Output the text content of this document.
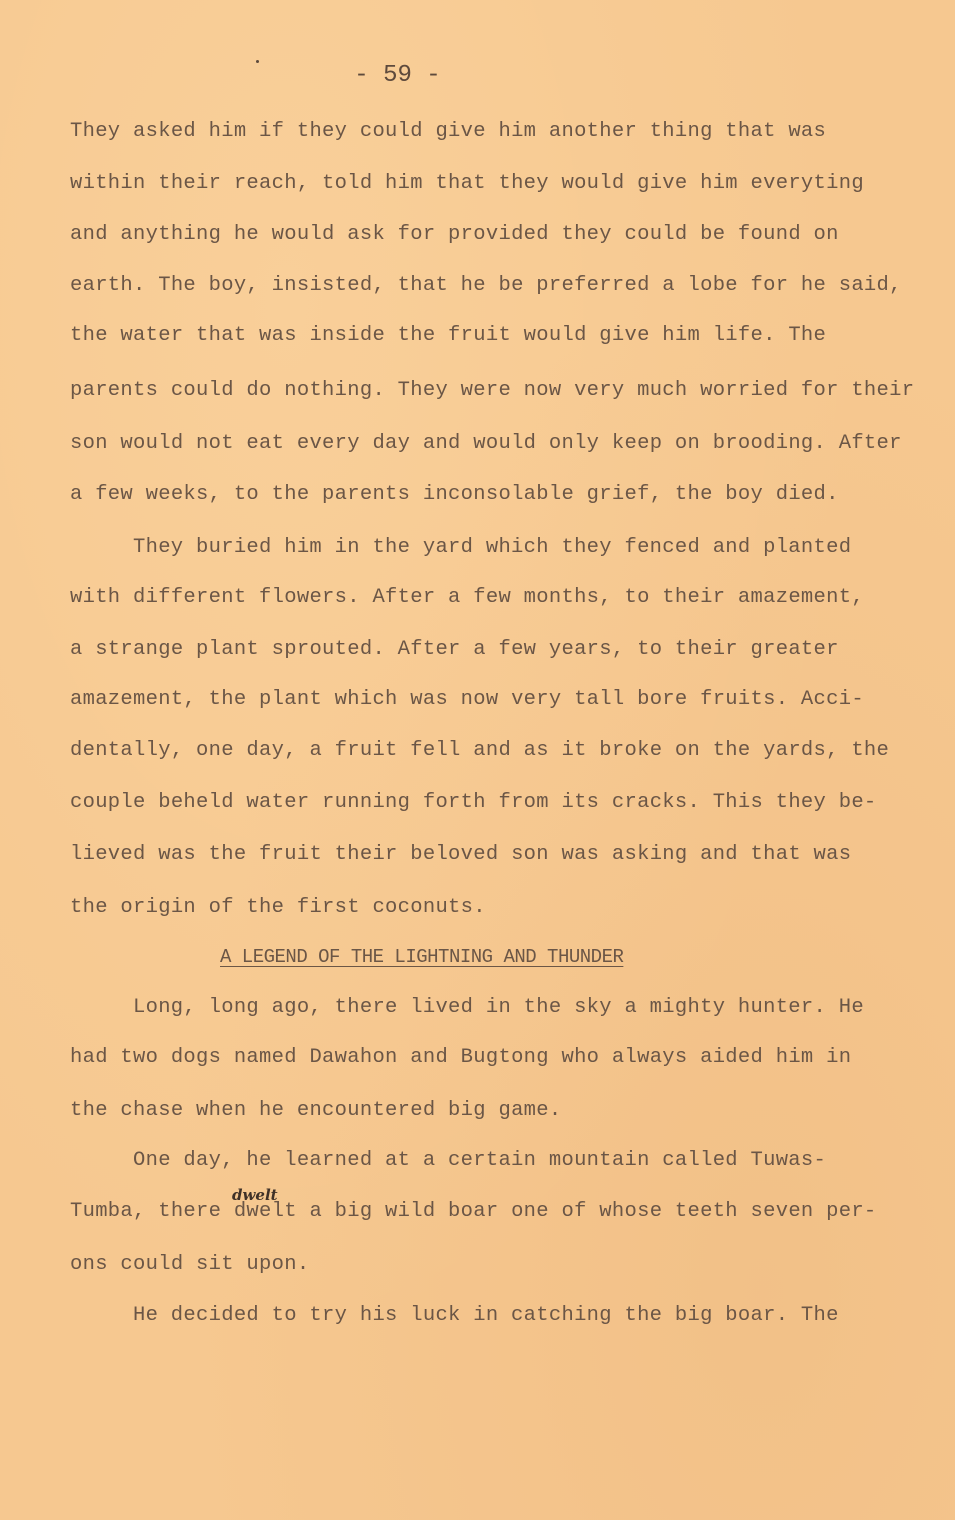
- 59 -
They asked him if they could give him another thing that was
within their reach, told him that they would give him everyting
and anything he would ask for provided they could be found on
earth. The boy, insisted, that he be preferred a lobe for he said,
the water that was inside the fruit would give him life. The
parents could do nothing. They were now very much worried for their
son would not eat every day and would only keep on brooding. After
a few weeks, to the parents inconsolable grief, the boy died.
They buried him in the yard which they fenced and planted
with different flowers. After a few months, to their amazement,
a strange plant sprouted. After a few years, to their greater
amazement, the plant which was now very tall bore fruits. Acci-
dentally, one day, a fruit fell and as it broke on the yards, the
couple beheld water running forth from its cracks. This they be-
lieved was the fruit their beloved son was asking and that was
the origin of the first coconuts.
A LEGEND OF THE LIGHTNING AND THUNDER
Long, long ago, there lived in the sky a mighty hunter. He
had two dogs named Dawahon and Bugtong who always aided him in
the chase when he encountered big game.
One day, he learned at a certain mountain called Tuwas-
Tumba, there dwelt a big wild boar one of whose teeth seven per-
ons could sit upon.
He decided to try his luck in catching the big boar. The
dwelt
